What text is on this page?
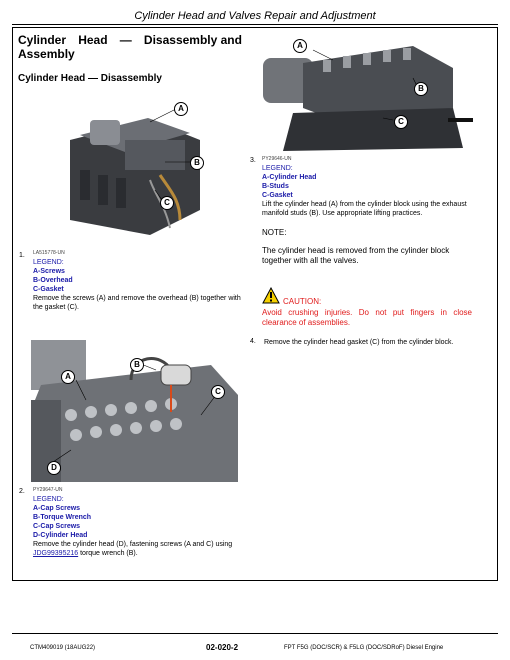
Cylinder Head and Valves Repair and Adjustment
Cylinder Head — Disassembly and
Assembly
Cylinder Head — Disassembly
A
B
C
1. LA515778-UN
LEGEND:
A-Screws
B-Overhead
C-Gasket
Remove the screws (A) and remove the overhead (B) together with the gasket (C).
A
B
C
D
2. PY29647-UN
LEGEND:
A-Cap Screws
B-Torque Wrench
C-Cap Screws
D-Cylinder Head
Remove the cylinder head (D), fastening screws (A and C) using JDG99395216 torque wrench (B).
A
B
C
3. PY29646-UN
LEGEND:
A-Cylinder Head
B-Studs
C-Gasket
Lift the cylinder head (A) from the cylinder block using the exhaust manifold studs (B). Use appropriate lifting practices.
NOTE:
The cylinder head is removed from the cylinder block together with all the valves.
CAUTION:
Avoid crushing injuries. Do not put fingers in close clearance of assemblies.
4. Remove the cylinder head gasket (C) from the cylinder block.
CTM409019 (18AUG22)	02-020-2	FPT F5G (DOC/SCR) & F5LG (DOC/SDRoF) Diesel Engine
